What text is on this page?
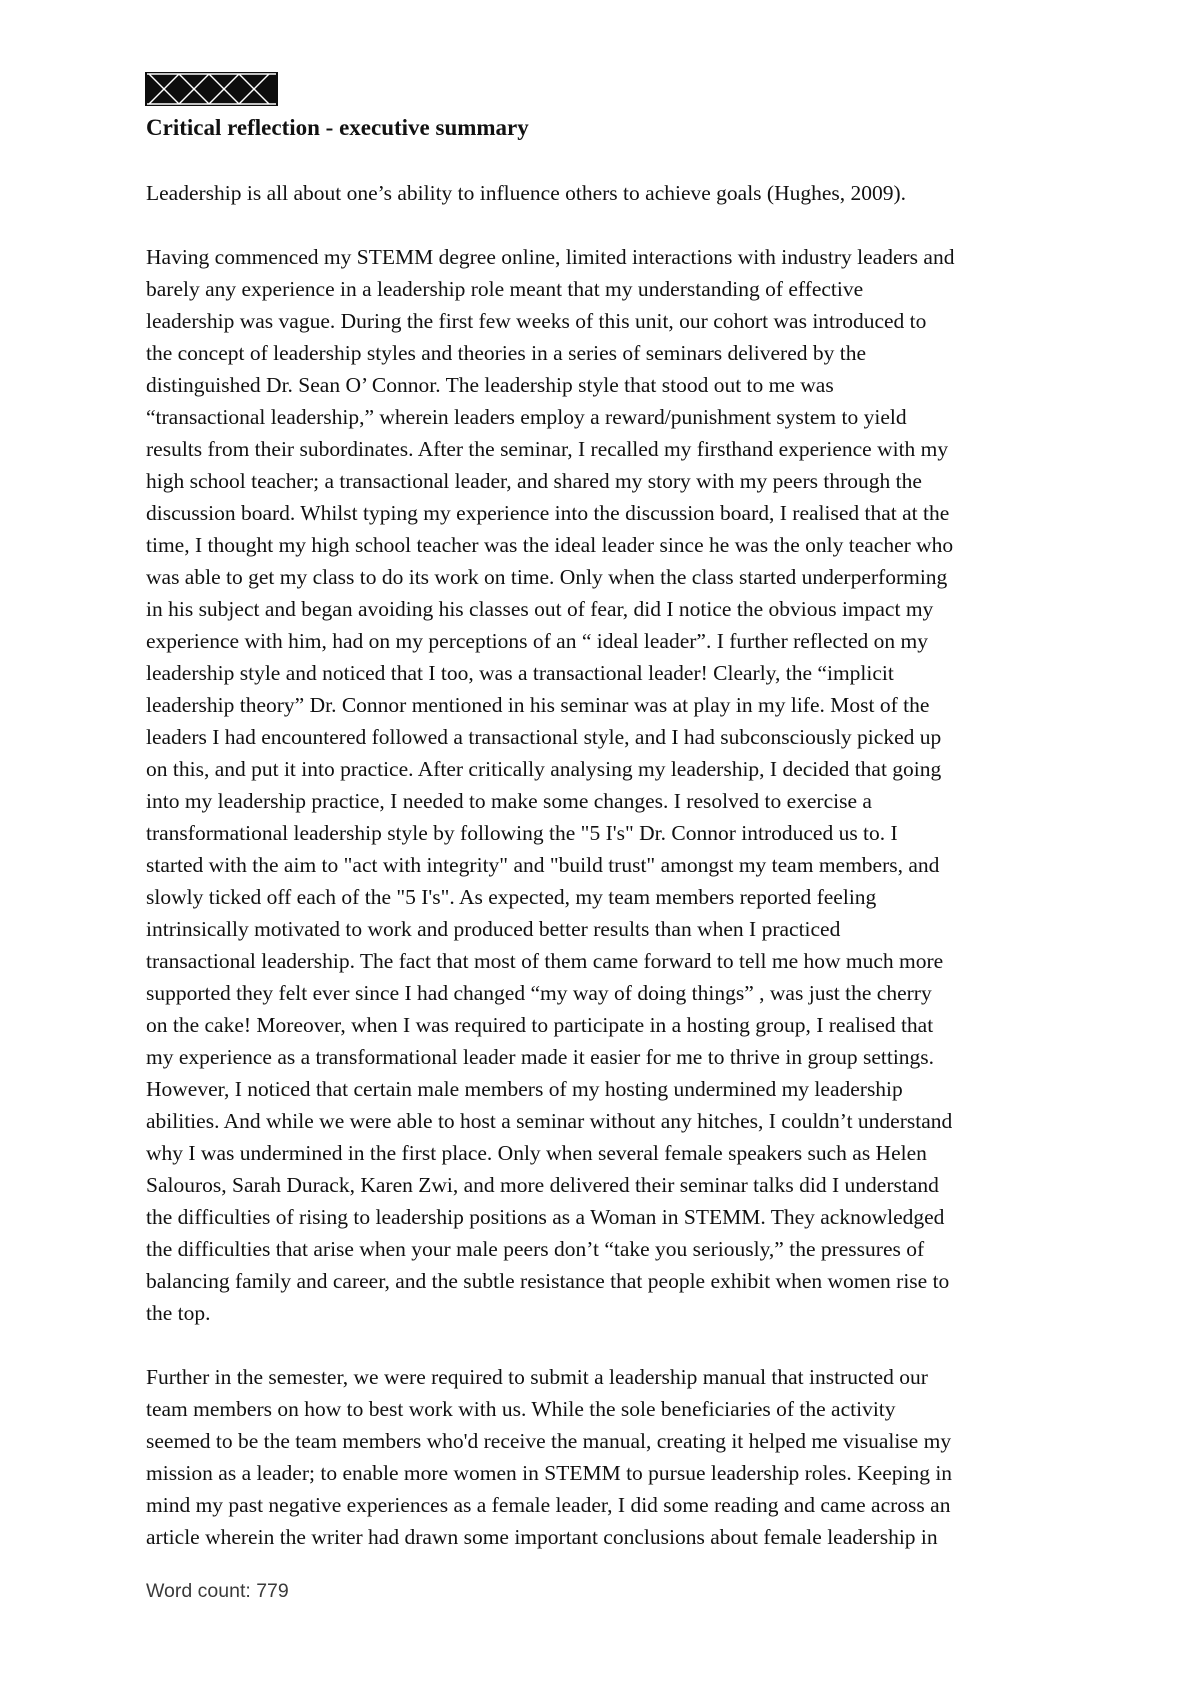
Critical reflection - executive summary

Leadership is all about one’s ability to influence others to achieve goals (Hughes, 2009).

Having commenced my STEMM degree online, limited interactions with industry leaders and
barely any experience in a leadership role meant that my understanding of effective
leadership was vague. During the first few weeks of this unit, our cohort was introduced to
the concept of leadership styles and theories in a series of seminars delivered by the
distinguished Dr. Sean O’ Connor. The leadership style that stood out to me was
“transactional leadership,” wherein leaders employ a reward/punishment system to yield
results from their subordinates. After the seminar, I recalled my firsthand experience with my
high school teacher; a transactional leader, and shared my story with my peers through the
discussion board. Whilst typing my experience into the discussion board, I realised that at the
time, I thought my high school teacher was the ideal leader since he was the only teacher who
was able to get my class to do its work on time. Only when the class started underperforming
in his subject and began avoiding his classes out of fear, did I notice the obvious impact my
experience with him, had on my perceptions of an “ ideal leader”. I further reflected on my
leadership style and noticed that I too, was a transactional leader! Clearly, the “implicit
leadership theory” Dr. Connor mentioned in his seminar was at play in my life. Most of the
leaders I had encountered followed a transactional style, and I had subconsciously picked up
on this, and put it into practice. After critically analysing my leadership, I decided that going
into my leadership practice, I needed to make some changes. I resolved to exercise a
transformational leadership style by following the "5 I's" Dr. Connor introduced us to. I
started with the aim to "act with integrity" and "build trust" amongst my team members, and
slowly ticked off each of the "5 I's". As expected, my team members reported feeling
intrinsically motivated to work and produced better results than when I practiced
transactional leadership. The fact that most of them came forward to tell me how much more
supported they felt ever since I had changed “my way of doing things” , was just the cherry
on the cake! Moreover, when I was required to participate in a hosting group, I realised that
my experience as a transformational leader made it easier for me to thrive in group settings.
However, I noticed that certain male members of my hosting undermined my leadership
abilities. And while we were able to host a seminar without any hitches, I couldn’t understand
why I was undermined in the first place. Only when several female speakers such as Helen
Salouros, Sarah Durack, Karen Zwi, and more delivered their seminar talks did I understand
the difficulties of rising to leadership positions as a Woman in STEMM. They acknowledged
the difficulties that arise when your male peers don’t “take you seriously,” the pressures of
balancing family and career, and the subtle resistance that people exhibit when women rise to
the top.

Further in the semester, we were required to submit a leadership manual that instructed our
team members on how to best work with us. While the sole beneficiaries of the activity
seemed to be the team members who'd receive the manual, creating it helped me visualise my
mission as a leader; to enable more women in STEMM to pursue leadership roles. Keeping in
mind my past negative experiences as a female leader, I did some reading and came across an
article wherein the writer had drawn some important conclusions about female leadership in

Word count: 779
